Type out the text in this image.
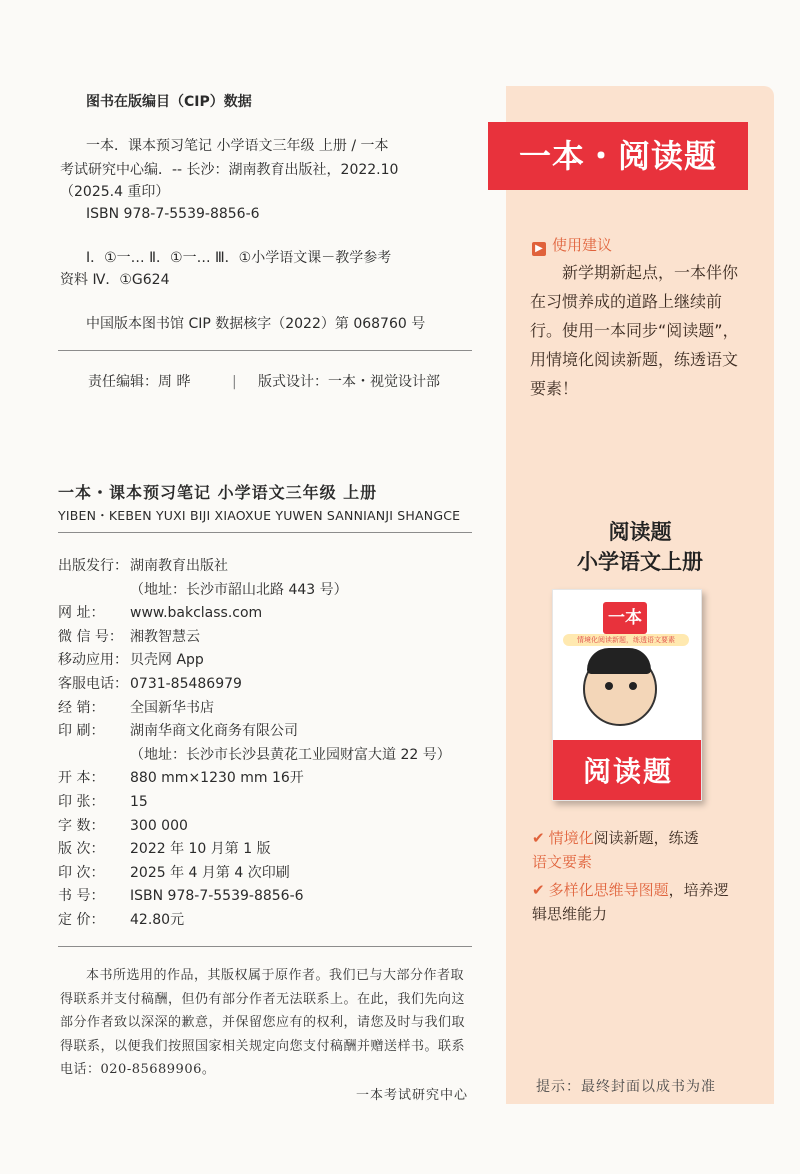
图书在版编目（CIP）数据
一本．课本预习笔记 小学语文三年级 上册 / 一本
考试研究中心编．-- 长沙：湖南教育出版社，2022.10
（2025.4 重印）
ISBN 978-7-5539-8856-6
Ⅰ．①一… Ⅱ．①一… Ⅲ．①小学语文课－教学参考
资料 Ⅳ．①G624
中国版本图书馆 CIP 数据核字（2022）第 068760 号
责任编辑：周 晔	| 版式设计：一本・视觉设计部
一本・课本预习笔记 小学语文三年级 上册
YIBEN・KEBEN YUXI BIJI XIAOXUE YUWEN SANNIANJI SHANGCE
出版发行： 湖南教育出版社
（地址：长沙市韶山北路 443 号）
网 址： www.bakclass.com
微 信 号： 湘教智慧云
移动应用： 贝壳网 App
客服电话： 0731-85486979
经 销： 全国新华书店
印 刷： 湖南华商文化商务有限公司
（地址：长沙市长沙县黄花工业园财富大道 22 号）
开 本： 880 mm×1230 mm 16开
印 张： 15
字 数： 300 000
版 次： 2022 年 10 月第 1 版
印 次： 2025 年 4 月第 4 次印刷
书 号： ISBN 978-7-5539-8856-6
定 价： 42.80元
本书所选用的作品，其版权属于原作者。我们已与大部分作者取得联系并支付稿酬，但仍有部分作者无法联系上。在此，我们先向这部分作者致以深深的歉意，并保留您应有的权利，请您及时与我们取得联系，以便我们按照国家相关规定向您支付稿酬并赠送样书。联系电话：020-85689906。
一本考试研究中心
一本・阅读题
▶ 使用建议
新学期新起点，一本伴你在习惯养成的道路上继续前行。使用一本同步“阅读题”，用情境化阅读新题，练透语文要素！
阅读题
小学语文上册
一本
情境化阅读新题，练透语文要素
阅读题
✔ 情境化阅读新题，练透
语文要素
✔ 多样化思维导图题，培养逻辑思维能力
提示：最终封面以成书为准
